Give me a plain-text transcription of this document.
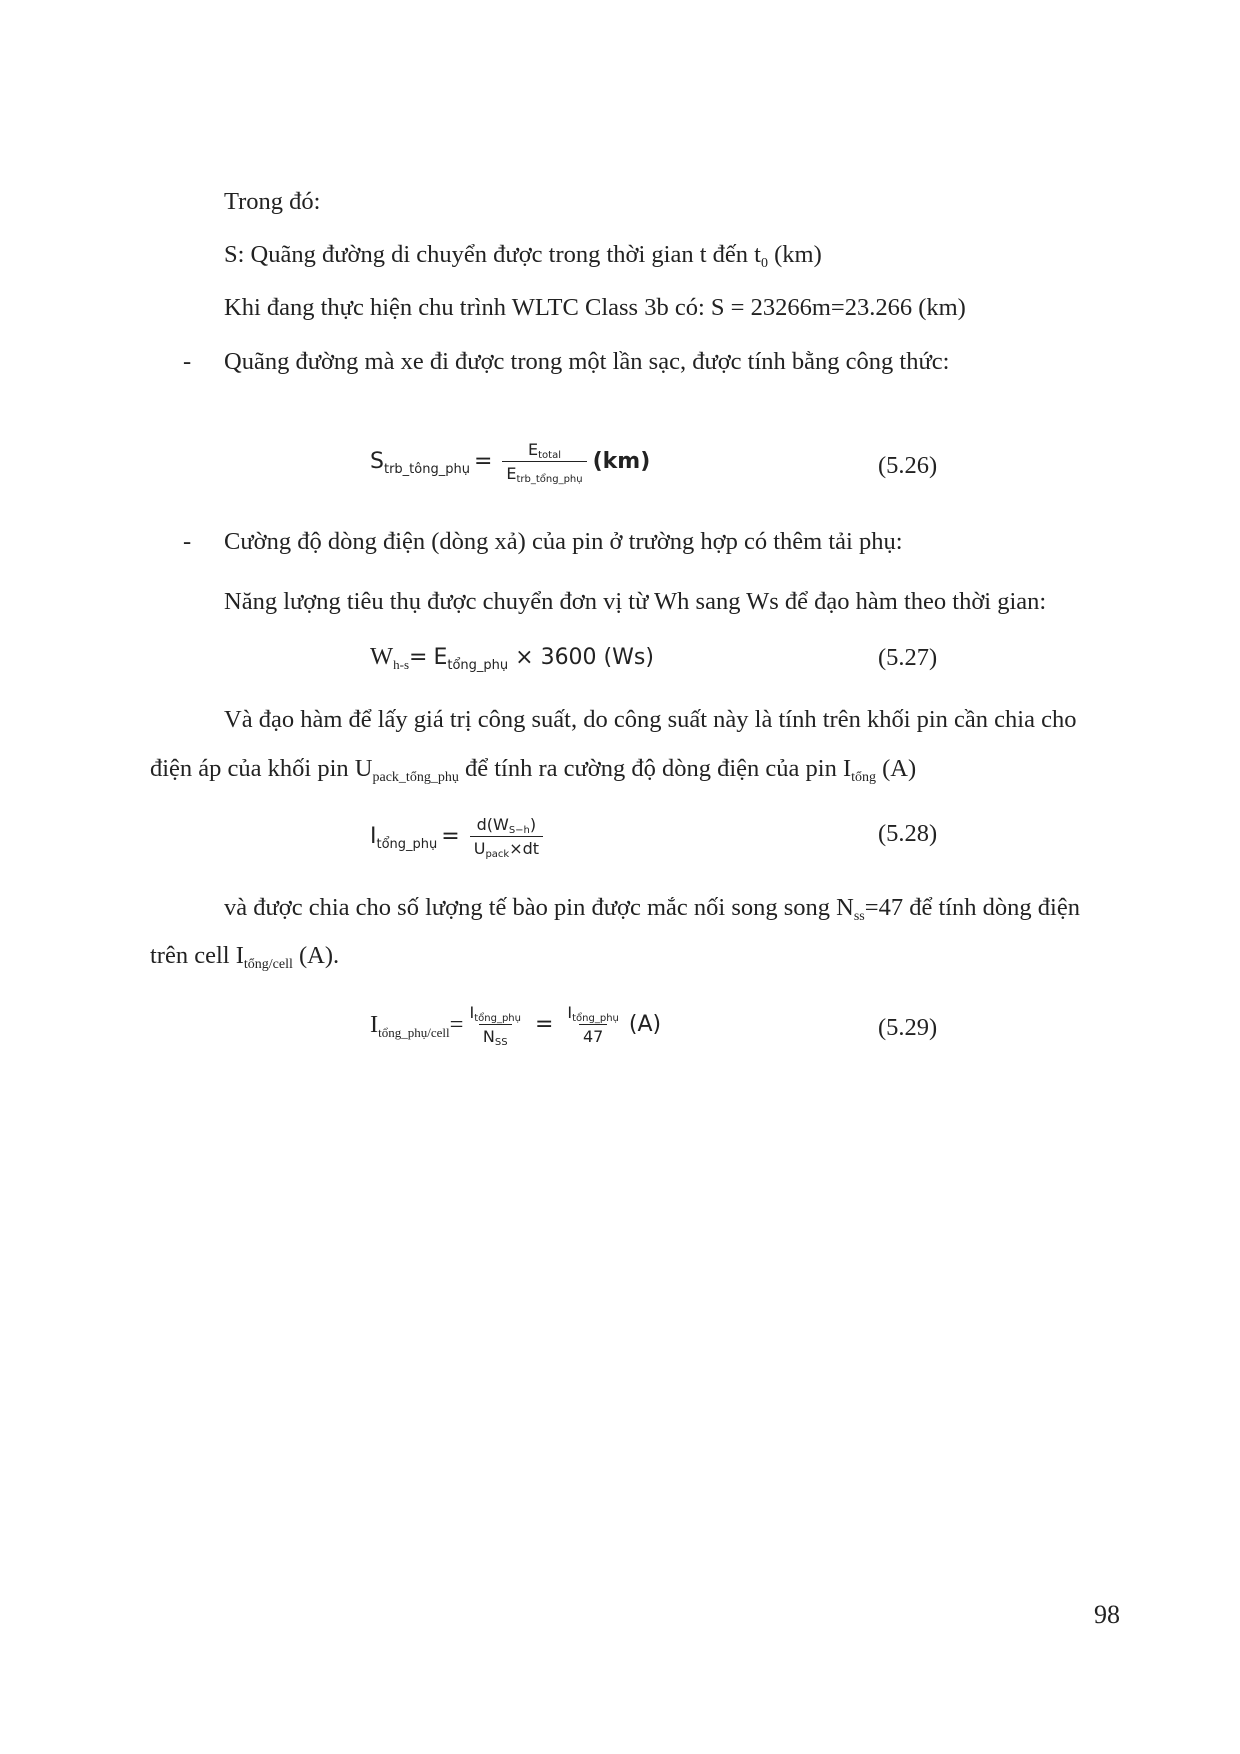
Trong đó:
S: Quãng đường di chuyển được trong thời gian t đến $t_0$ (km)
Khi đang thực hiện chu trình WLTC Class 3b có: S = 23266m=23.266 (km)
- Quãng đường mà xe đi được trong một lần sạc, được tính bằng công thức:
$S_{trb\_tông\_phụ} = \frac{E_{total}}{E_{trb\_tổng\_phụ}} (km)$	(5.26)
- Cường độ dòng điện (dòng xả) của pin ở trường hợp có thêm tải phụ:
Năng lượng tiêu thụ được chuyển đơn vị từ Wh sang Ws để đạo hàm theo thời gian:
$W_{h-s} = E_{tổng\_phụ} \times 3600$ (Ws)	(5.27)
Và đạo hàm để lấy giá trị công suất, do công suất này là tính trên khối pin cần chia cho
điện áp của khối pin $U_{pack\_tổng\_phụ}$ để tính ra cường độ dòng điện của pin $I_{tổng}$ (A)
$I_{tổng\_phụ} = \frac{d(W_{S-h})}{U_{pack}\times dt}$	(5.28)
và được chia cho số lượng tế bào pin được mắc nối song song $N_{ss}=47$ để tính dòng điện
trên cell $I_{tổng/cell}$ (A).
$I_{tổng\_phụ/cell}= \frac{I_{tổng\_phụ}}{N_{SS}} = \frac{I_{tổng\_phụ}}{47} (A)$	(5.29)
98
